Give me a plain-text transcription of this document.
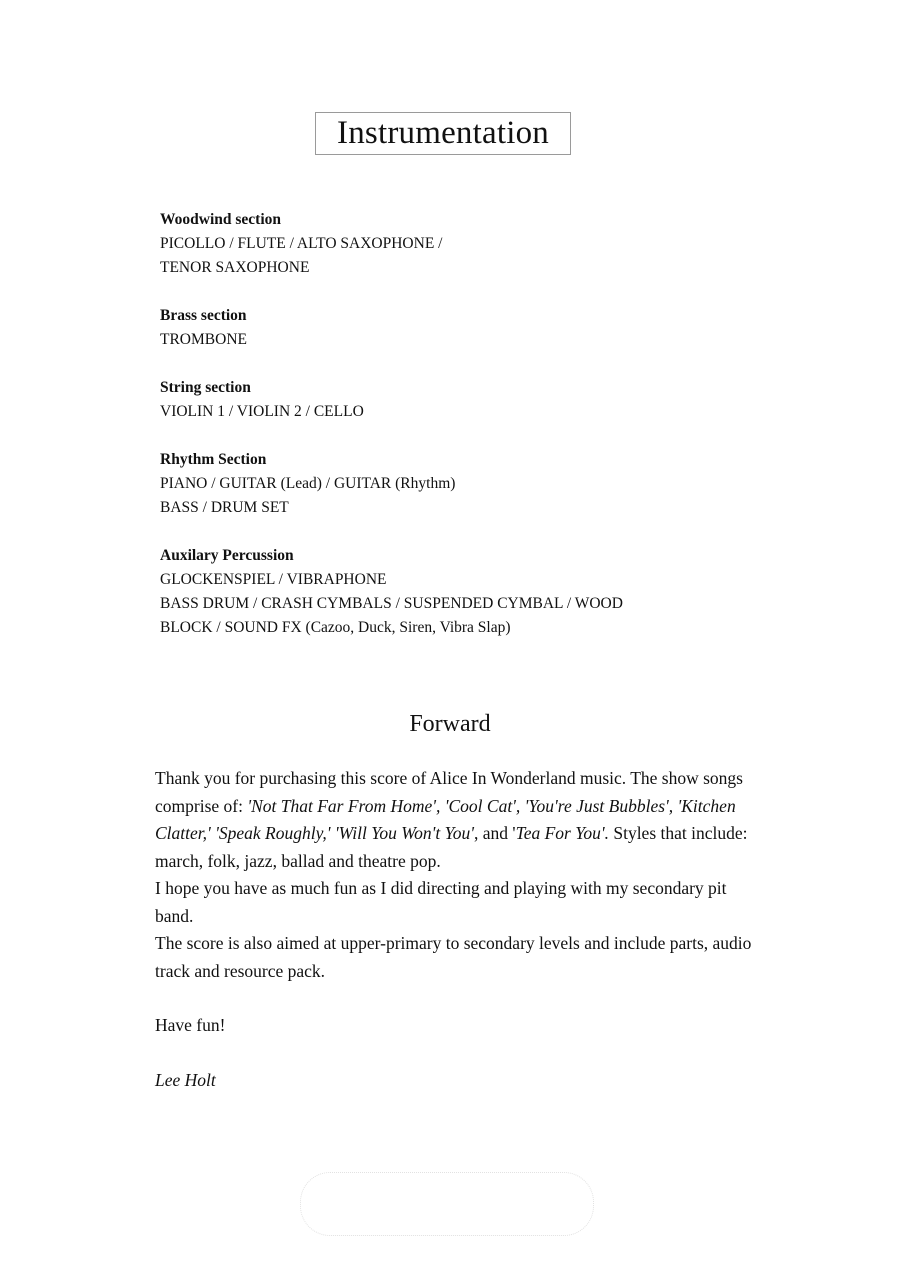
Instrumentation
Woodwind section
PICOLLO / FLUTE / ALTO SAXOPHONE /
TENOR SAXOPHONE
Brass section
TROMBONE
String section
VIOLIN 1 / VIOLIN 2 / CELLO
Rhythm Section
PIANO / GUITAR (Lead) / GUITAR (Rhythm)
BASS / DRUM SET
Auxilary Percussion
GLOCKENSPIEL / VIBRAPHONE
BASS DRUM / CRASH CYMBALS / SUSPENDED CYMBAL / WOOD
BLOCK / SOUND FX (Cazoo, Duck, Siren, Vibra Slap)
Forward

Thank you for purchasing this score of Alice In Wonderland music. The show songs comprise of: 'Not That Far From Home', 'Cool Cat', 'You're Just Bubbles', 'Kitchen Clatter,' 'Speak Roughly,' 'Will You Won't You', and 'Tea For You'. Styles that include: march, folk, jazz, ballad and theatre pop.

I hope you have as much fun as I did directing and playing with my secondary pit band.

The score is also aimed at upper-primary to secondary levels and include parts, audio track and resource pack.

Have fun!

Lee Holt
